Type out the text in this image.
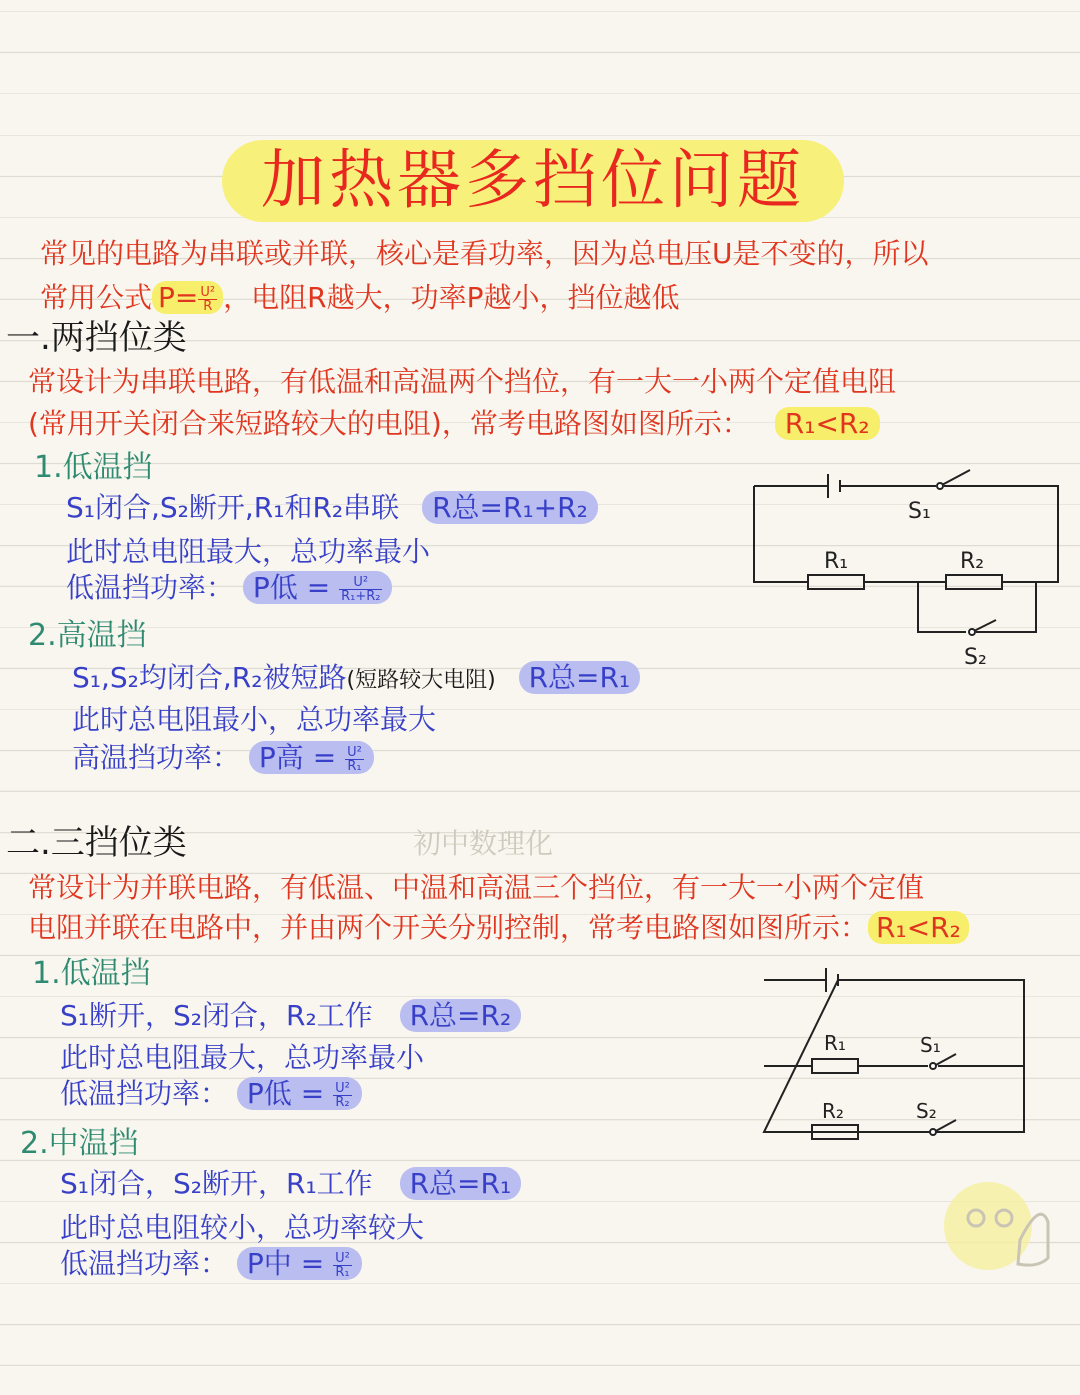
加热器多挡位问题
常见的电路为串联或并联，核心是看功率，因为总电压U是不变的，所以
常用公式 $P= \frac{\text{U²}}{R}$ ，电阻R越大，功率P越小，挡位越低
一.两挡位类
常设计为串联电路，有低温和高温两个挡位，有一大一小两个定值电阻
(常用开关闭合来短路较大的电阻)，常考电路图如图所示： R₁<R₂
1.低温挡
S₁闭合,S₂断开,R₁和R₂串联 R总=R₁+R₂
此时总电阻最大，总功率最小
低温挡功率： P低 = $\frac{\text{U²}}{\text{R₁+R₂}}$
2.高温挡
S₁,S₂均闭合,R₂被短路(短路较大电阻) R总=R₁
此时总电阻最小，总功率最大
高温挡功率： P高 = $\frac{\text{U²}}{\text{R₁}}$
S₁
R₁	R₂
S₂
初中数理化
二.三挡位类
常设计为并联电路，有低温、中温和高温三个挡位，有一大一小两个定值
电阻并联在电路中，并由两个开关分别控制，常考电路图如图所示： R₁<R₂
1.低温挡
S₁断开，S₂闭合，R₂工作 R总=R₂
此时总电阻最大，总功率最小
低温挡功率： P低 = $\frac{\text{U²}}{\text{R₂}}$
2.中温挡
S₁闭合，S₂断开，R₁工作 R总=R₁
此时总电阻较小，总功率较大
低温挡功率： P中 = $\frac{\text{U²}}{\text{R₁}}$
R₁	S₁
R₂	S₂
